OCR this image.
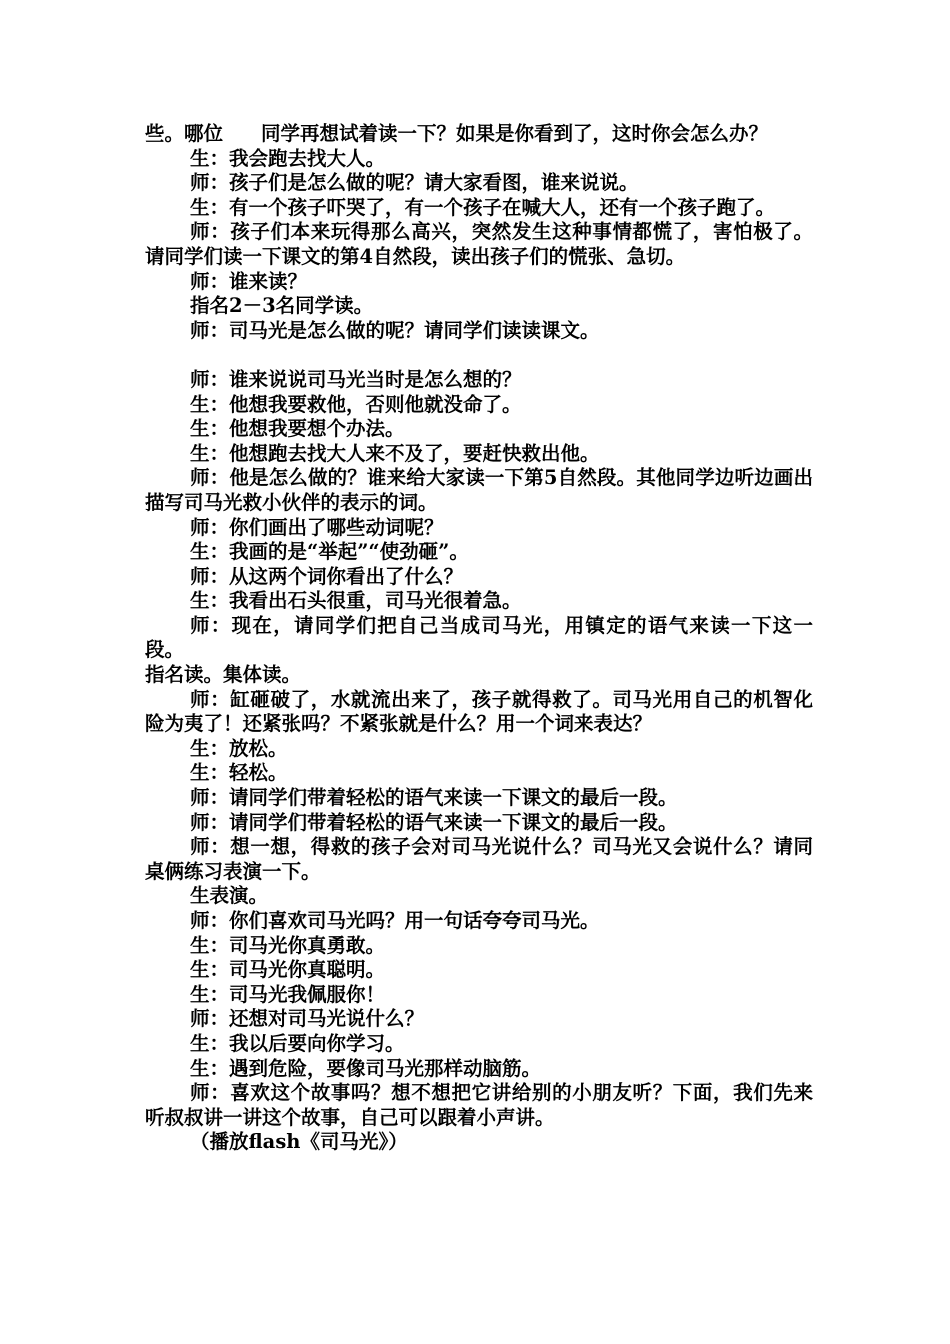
些。哪位 同学再想试着读一下？如果是你看到了，这时你会怎么办？

生：我会跑去找大人。

师：孩子们是怎么做的呢？请大家看图，谁来说说。

生：有一个孩子吓哭了，有一个孩子在喊大人，还有一个孩子跑了。

师：孩子们本来玩得那么高兴，突然发生这种事情都慌了，害怕极了。请同学们读一下课文的第4自然段，读出孩子们的慌张、急切。

师：谁来读？

指名2－3名同学读。

师：司马光是怎么做的呢？请同学们读读课文。

师：谁来说说司马光当时是怎么想的？

生：他想我要救他，否则他就没命了。

生：他想我要想个办法。

生：他想跑去找大人来不及了，要赶快救出他。

师：他是怎么做的？谁来给大家读一下第5自然段。其他同学边听边画出描写司马光救小伙伴的表示的词。

师：你们画出了哪些动词呢？

生：我画的是“举起”“使劲砸”。

师：从这两个词你看出了什么？

生：我看出石头很重，司马光很着急。

师：现在，请同学们把自己当成司马光，用镇定的语气来读一下这一段。

指名读。集体读。

师：缸砸破了，水就流出来了，孩子就得救了。司马光用自己的机智化险为夷了！还紧张吗？不紧张就是什么？用一个词来表达？

生：放松。

生：轻松。

师：请同学们带着轻松的语气来读一下课文的最后一段。

师：请同学们带着轻松的语气来读一下课文的最后一段。

师：想一想，得救的孩子会对司马光说什么？司马光又会说什么？请同桌俩练习表演一下。

生表演。

师：你们喜欢司马光吗？用一句话夸夸司马光。

生：司马光你真勇敢。

生：司马光你真聪明。

生：司马光我佩服你！

师：还想对司马光说什么？

生：我以后要向你学习。

生：遇到危险，要像司马光那样动脑筋。

师：喜欢这个故事吗？想不想把它讲给别的小朋友听？下面，我们先来听叔叔讲一讲这个故事，自己可以跟着小声讲。

（播放flash《司马光》）
